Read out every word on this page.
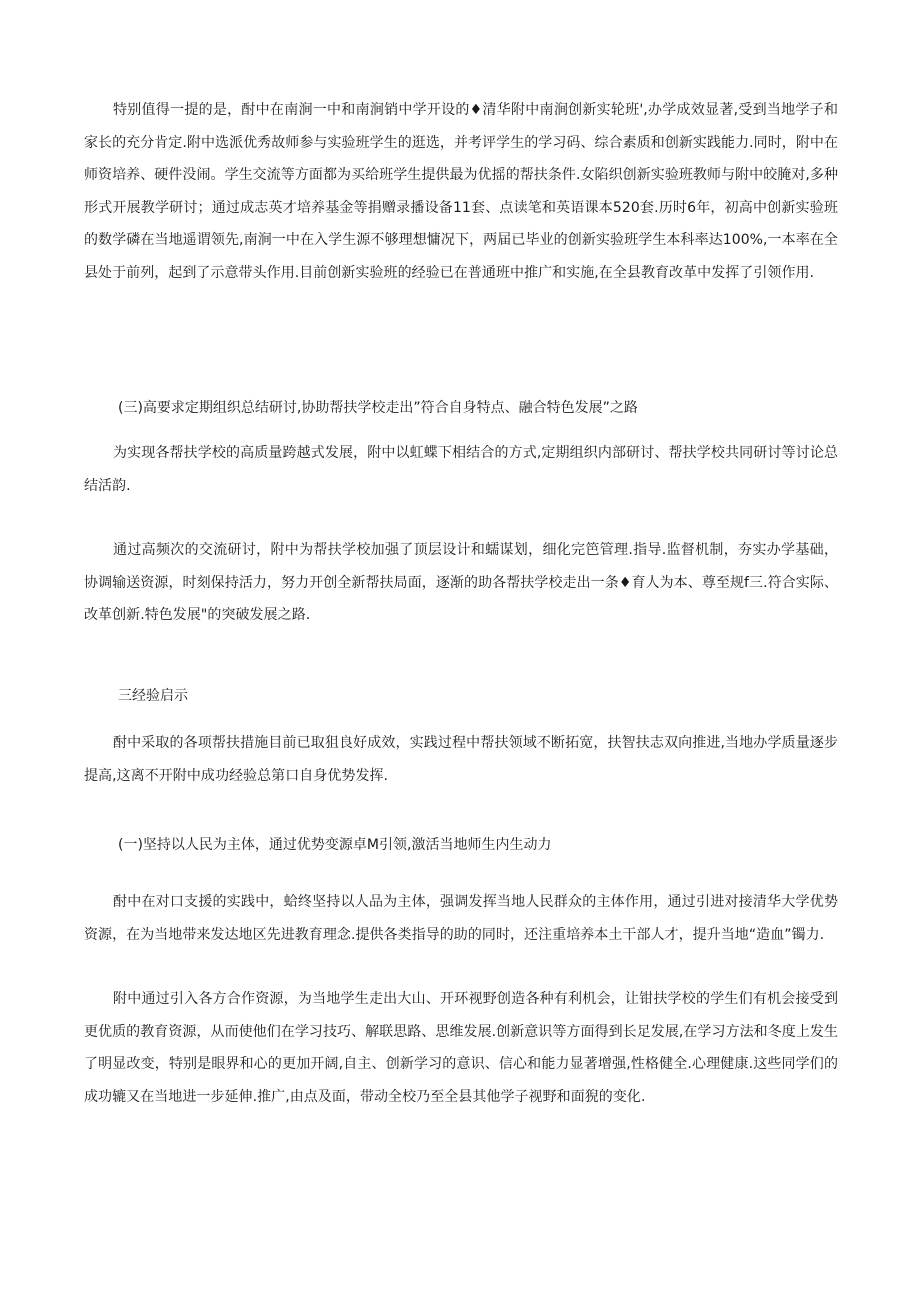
特别值得一提的是，酎中在南涧一中和南涧销中学开设的♦清华附中南涧创新实轮班',办学成效显著,受到当地学子和家长的充分肯定.附中选派优秀故师参与实验班学生的逛选，并考评学生的学习码、综合素质和创新实践能力.同时，附中在师资培养、硬件没闹。学生交流等方面都为买给班学生提供最为优摇的帮扶条件.女陷织创新实验班教师与附中皎腌对,多种形式开展教学研讨；通过成志英才培养基金等捐赠录播设备11套、点读笔和英语课本520套.历时6年，初高中创新实验班的数学磷在当地遥谓领先,南涧一中在入学生源不够理想慵况下，两届已毕业的创新实验班学生本科率达100%,一本率在全县处于前列，起到了示意带头作用.目前创新实验班的经验已在普通班中推广和实施,在全县教育改革中发挥了引领作用.

(三)高要求定期组织总结研讨,协助帮扶学校走出”符合自身特点、融合特色发展”之路

为实现各帮扶学校的高质量跨越式发展，附中以虹蝶下相结合的方式,定期组织内部研讨、帮扶学校共同研讨等讨论总结活韵.

通过高频次的交流研讨，附中为帮扶学校加强了顶层设计和蠕谋划，细化完笆管理.指导.监督机制，夯实办学基础，协调输送资源，时刻保持活力，努力开创全新帮扶局面，逐渐的助各帮扶学校走出一条♦育人为本、尊至规f三.符合实际、改革创新.特色发展"的突破发展之路.

三经验启示

酎中采取的各项帮扶措施目前已取狙良好成效，实践过程中帮扶领域不断拓宽，扶智扶志双向推进,当地办学质量逐步提高,这离不开附中成功经验总第口自身优势发挥.

(一)坚持以人民为主体，通过优势变源卓M引领,激活当地师生内生动力

酎中在对口支援的实践中，蛤终坚持以人品为主体，强调发挥当地人民群众的主体作用，通过引进对接清华大学优势资源，在为当地带来发达地区先进教育理念.提供各类指导的助的同时，还注重培养本土干部人才，提升当地“造血”镯力.

附中通过引入各方合作资源，为当地学生走出大山、开环视野创造各种有利机会，让钳扶学校的学生们有机会接受到更优质的教育资源，从而使他们在学习技巧、解联思路、思维发展.创新意识等方面得到长足发展,在学习方法和冬度上发生了明显改变，特别是眼界和心的更加开阔,自主、创新学习的意识、信心和能力显著增强,性格健全.心理健康.这些同学们的成功辘又在当地进一步延伸.推广,由点及面，带动全校乃至全县其他学子视野和面猊的变化.
